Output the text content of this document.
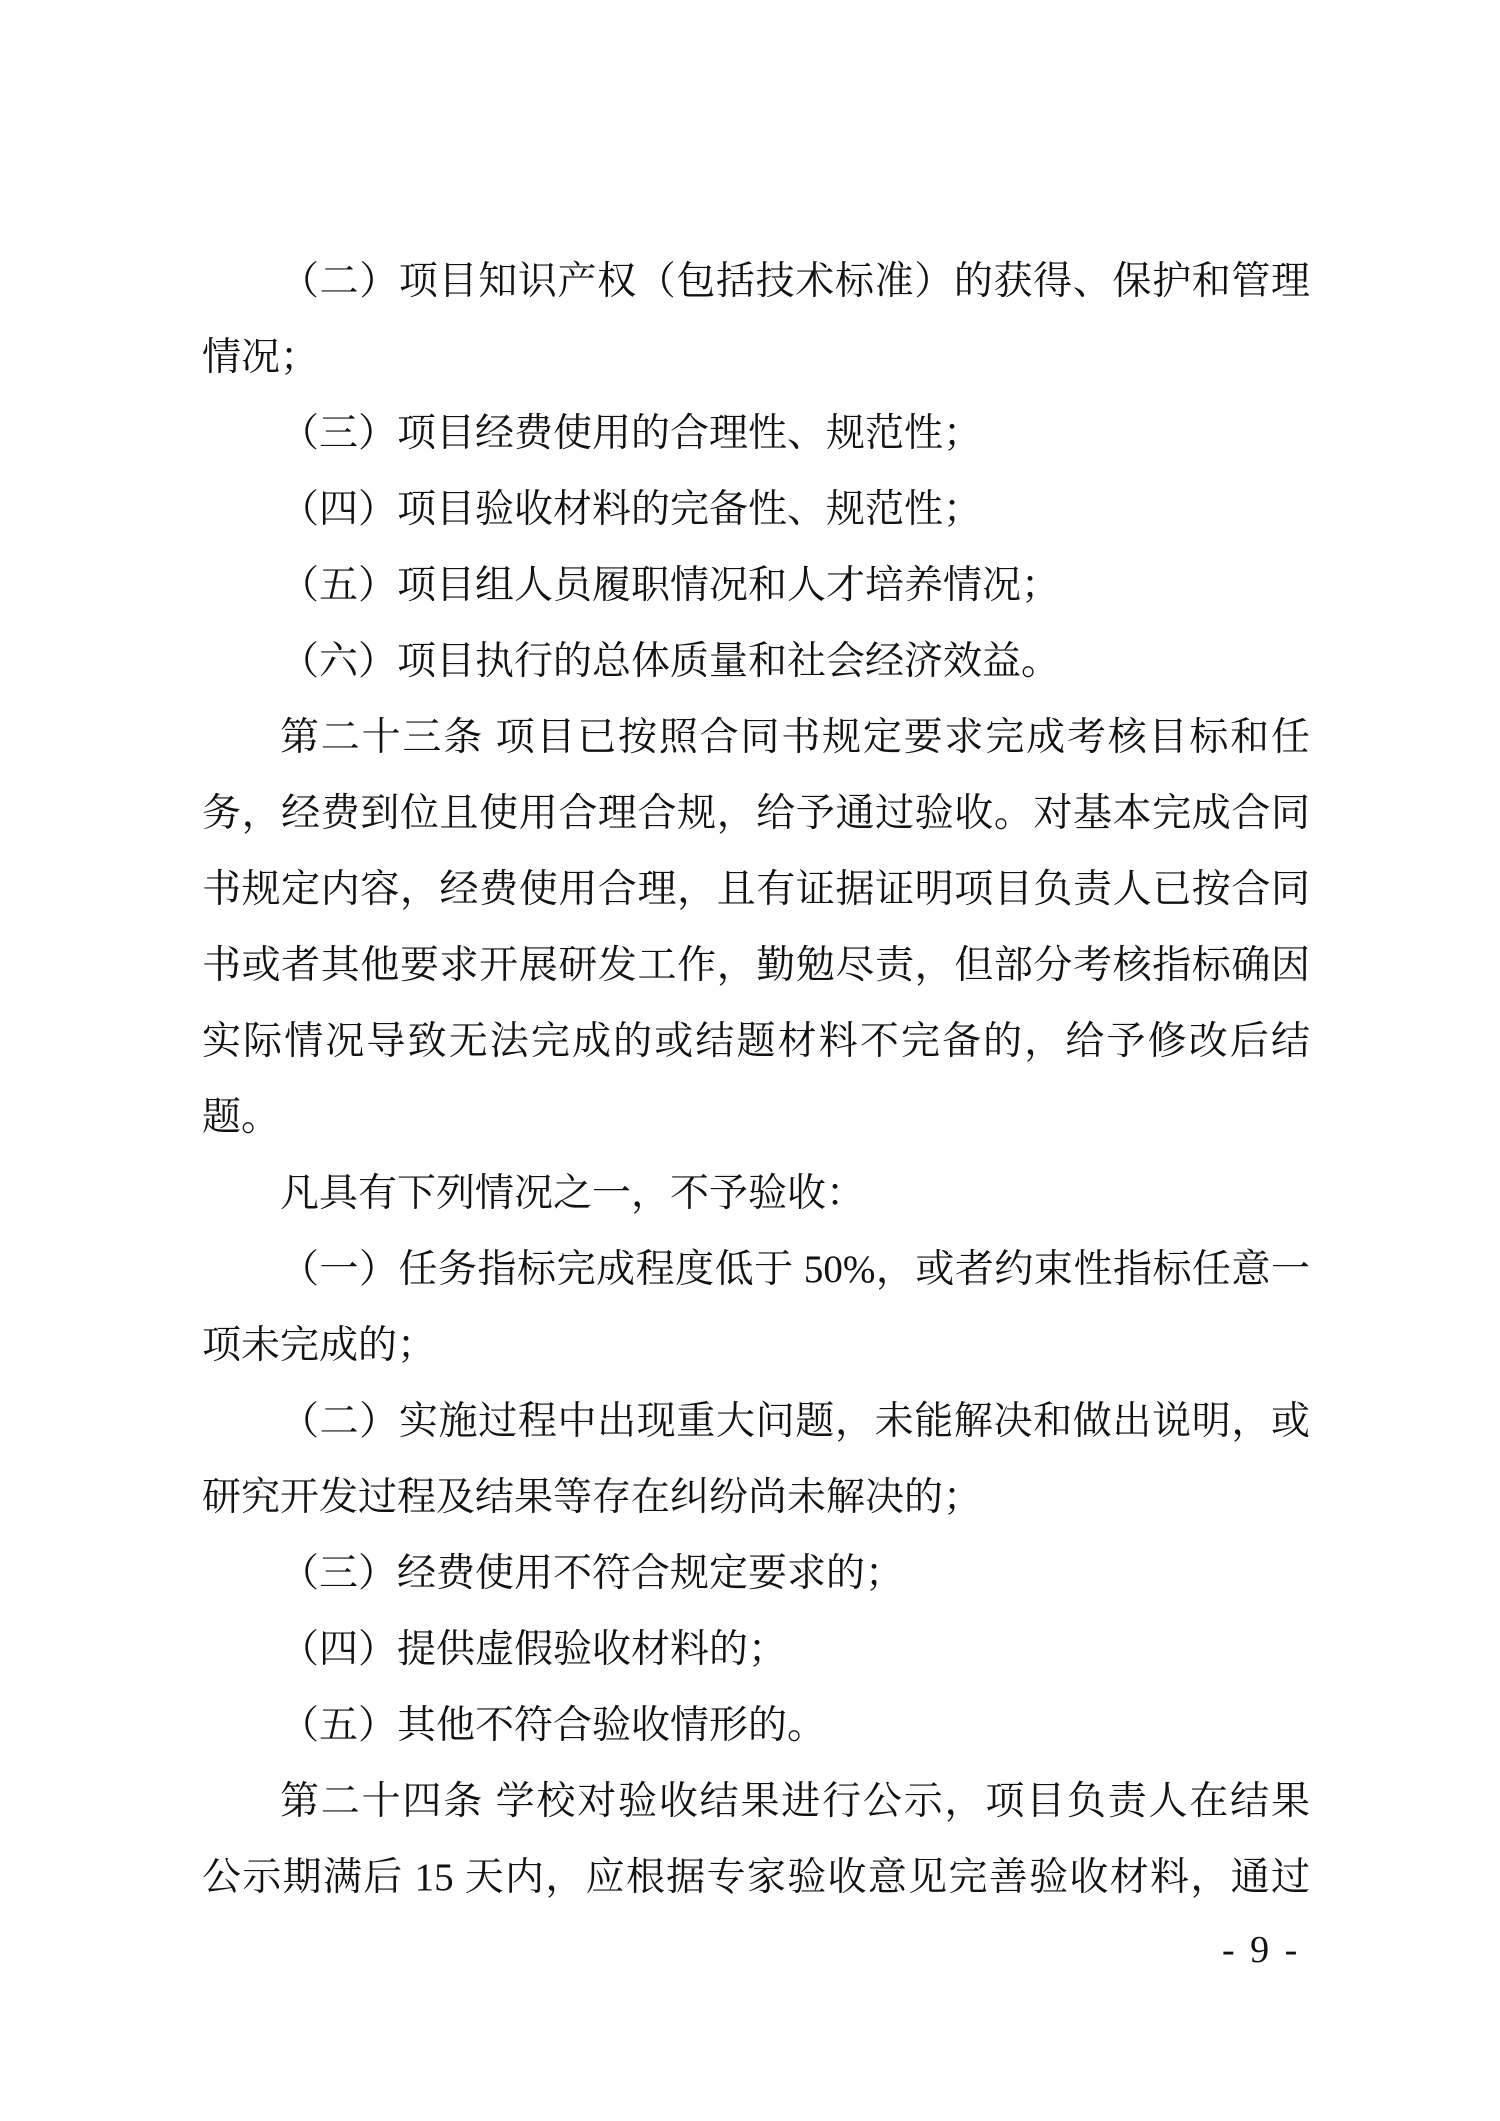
（二）项目知识产权（包括技术标准）的获得、保护和管理

情况；

（三）项目经费使用的合理性、规范性；

（四）项目验收材料的完备性、规范性；

（五）项目组人员履职情况和人才培养情况；

（六）项目执行的总体质量和社会经济效益。

第二十三条 项目已按照合同书规定要求完成考核目标和任

务，经费到位且使用合理合规，给予通过验收。对基本完成合同

书规定内容，经费使用合理，且有证据证明项目负责人已按合同

书或者其他要求开展研发工作，勤勉尽责，但部分考核指标确因

实际情况导致无法完成的或结题材料不完备的，给予修改后结

题。

凡具有下列情况之一，不予验收：

（一）任务指标完成程度低于 50%，或者约束性指标任意一

项未完成的；

（二）实施过程中出现重大问题，未能解决和做出说明，或

研究开发过程及结果等存在纠纷尚未解决的；

（三）经费使用不符合规定要求的；

（四）提供虚假验收材料的；

（五）其他不符合验收情形的。

第二十四条 学校对验收结果进行公示，项目负责人在结果

公示期满后 15 天内，应根据专家验收意见完善验收材料，通过

- 9 -
